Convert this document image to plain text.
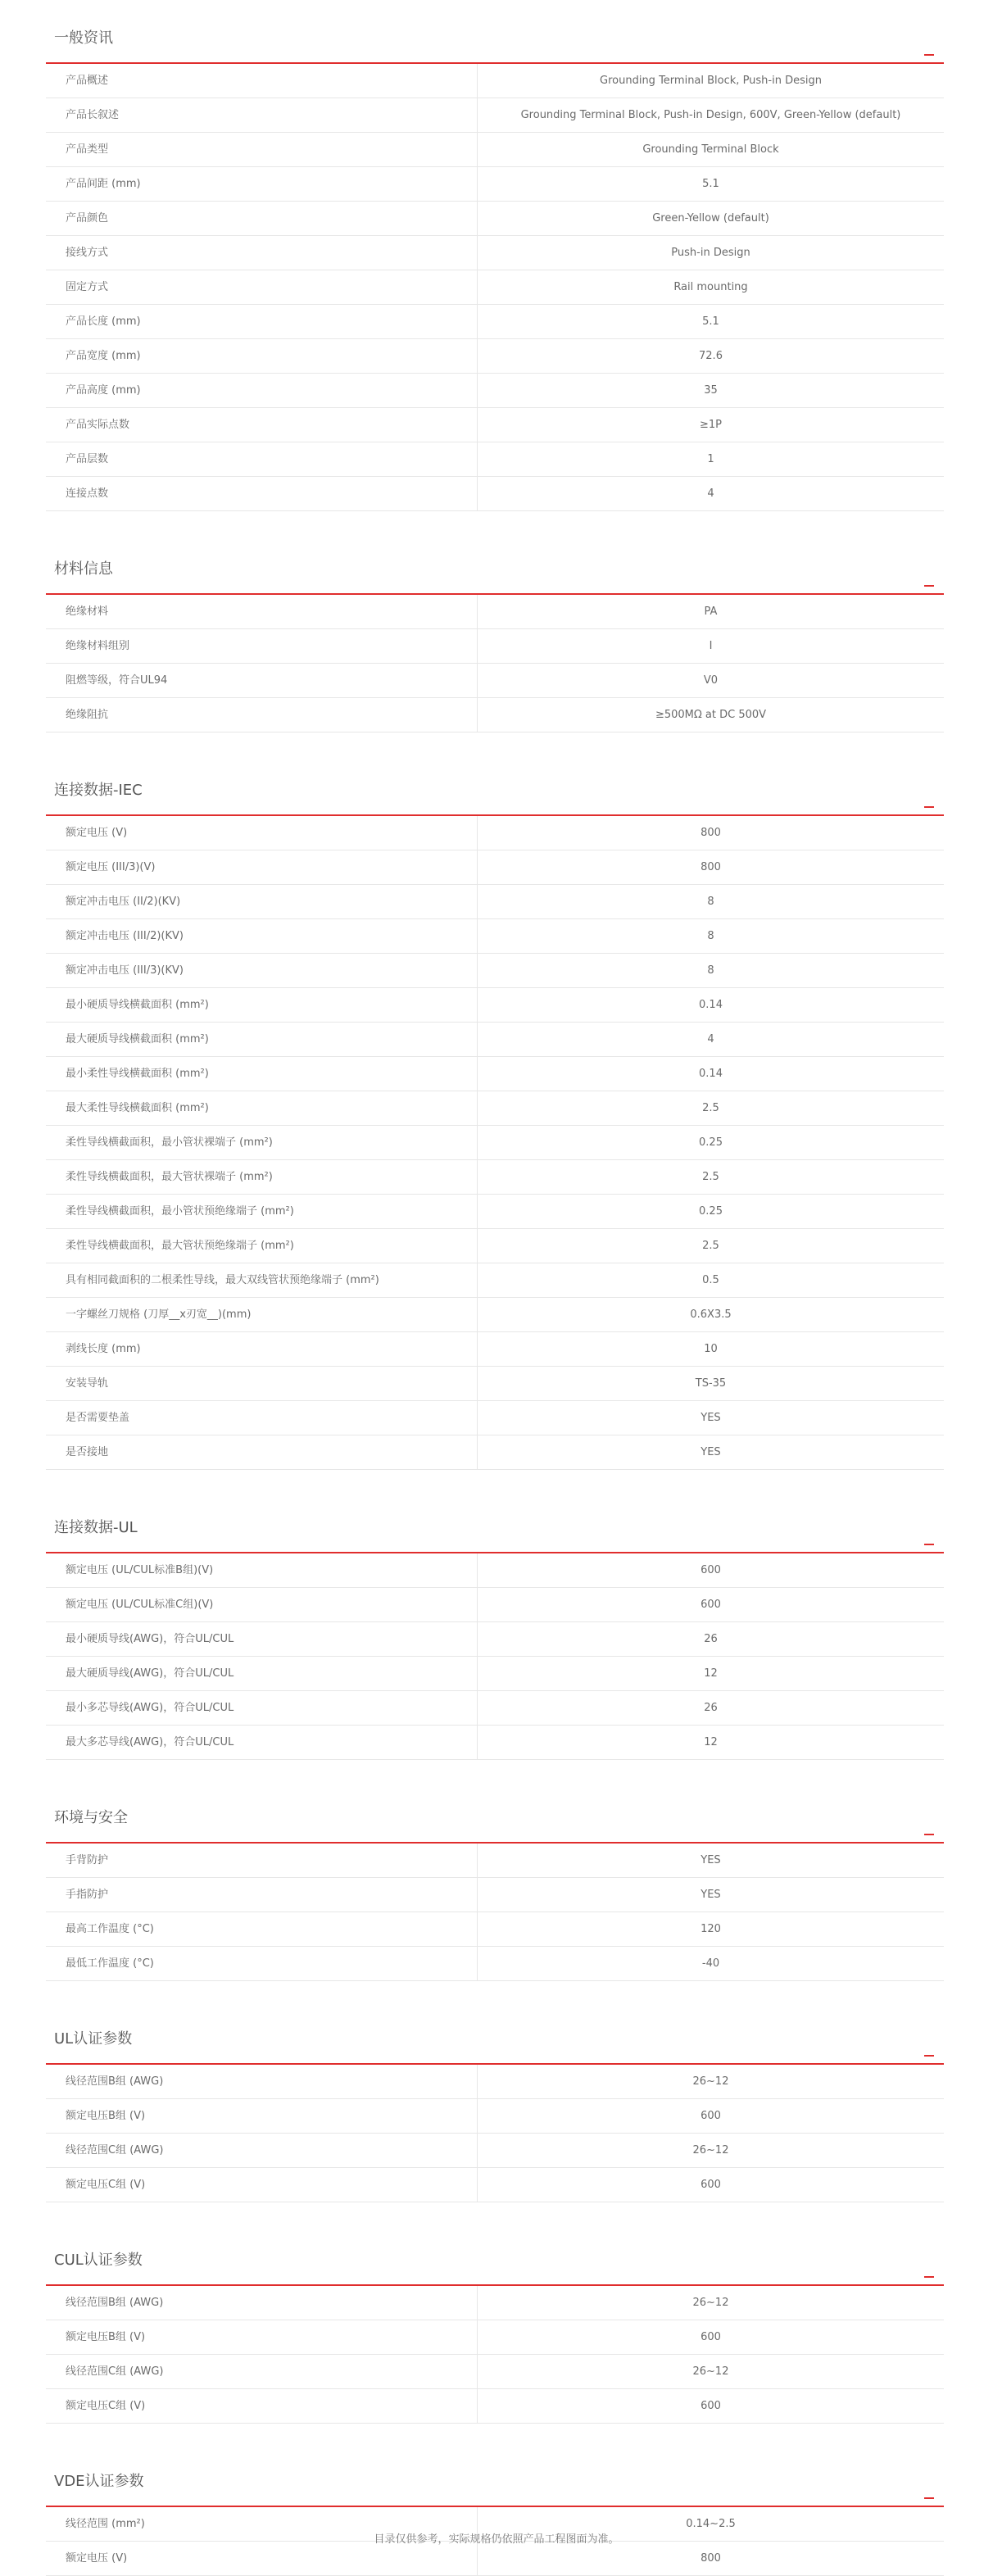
一般资讯
产品概述	Grounding Terminal Block, Push-in Design
产品长叙述	Grounding Terminal Block, Push-in Design, 600V, Green-Yellow (default)
产品类型	Grounding Terminal Block
产品间距 (mm)	5.1
产品颜色	Green-Yellow (default)
接线方式	Push-in Design
固定方式	Rail mounting
产品长度 (mm)	5.1
产品宽度 (mm)	72.6
产品高度 (mm)	35
产品实际点数	≥1P
产品层数	1
连接点数	4
材料信息
绝缘材料	PA
绝缘材料组别	I
阻燃等级，符合UL94	V0
绝缘阻抗	≥500MΩ at DC 500V
连接数据-IEC
额定电压 (V)	800
额定电压 (III/3)(V)	800
额定冲击电压 (II/2)(KV)	8
额定冲击电压 (III/2)(KV)	8
额定冲击电压 (III/3)(KV)	8
最小硬质导线横截面积 (mm²)	0.14
最大硬质导线横截面积 (mm²)	4
最小柔性导线横截面积 (mm²)	0.14
最大柔性导线横截面积 (mm²)	2.5
柔性导线横截面积，最小管状裸端子 (mm²)	0.25
柔性导线横截面积，最大管状裸端子 (mm²)	2.5
柔性导线横截面积，最小管状预绝缘端子 (mm²)	0.25
柔性导线横截面积，最大管状预绝缘端子 (mm²)	2.5
具有相同截面积的二根柔性导线，最大双线管状预绝缘端子 (mm²)	0.5
一字螺丝刀规格 (刀厚__x刃宽__)(mm)	0.6X3.5
剥线长度 (mm)	10
安装导轨	TS-35
是否需要垫盖	YES
是否接地	YES
连接数据-UL
额定电压 (UL/CUL标准B组)(V)	600
额定电压 (UL/CUL标准C组)(V)	600
最小硬质导线(AWG)，符合UL/CUL	26
最大硬质导线(AWG)，符合UL/CUL	12
最小多芯导线(AWG)，符合UL/CUL	26
最大多芯导线(AWG)，符合UL/CUL	12
环境与安全
手背防护	YES
手指防护	YES
最高工作温度 (°C)	120
最低工作温度 (°C)	-40
UL认证参数
线径范围B组 (AWG)	26~12
额定电压B组 (V)	600
线径范围C组 (AWG)	26~12
额定电压C组 (V)	600
CUL认证参数
线径范围B组 (AWG)	26~12
额定电压B组 (V)	600
线径范围C组 (AWG)	26~12
额定电压C组 (V)	600
VDE认证参数
线径范围 (mm²)	0.14~2.5
额定电压 (V)	800
目录仅供参考，实际规格仍依照产品工程图面为准。
